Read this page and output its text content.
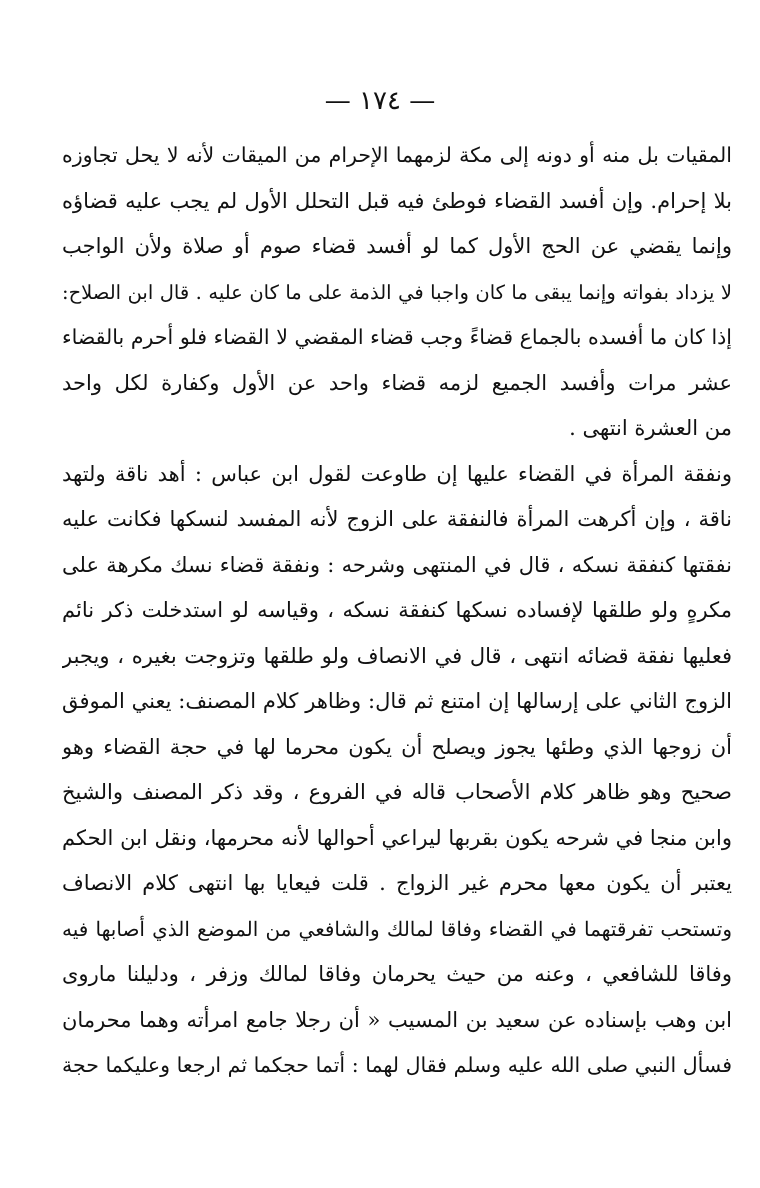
— ١٧٤ —
المقيات بل منه أو دونه إلى مكة لزمهما الإحرام من الميقات لأنه لا يحل تجاوزه
بلا إحرام. وإن أفسد القضاء فوطئ فيه قبل التحلل الأول لم يجب عليه قضاؤه
وإنما يقضي عن الحج الأول كما لو أفسد قضاء صوم أو صلاة ولأن الواجب
لا يزداد بفواته وإنما يبقى ما كان واجبا في الذمة على ما كان عليه . قال ابن الصلاح:
إذا كان ما أفسده بالجماع قضاءً وجب قضاء المقضي لا القضاء فلو أحرم بالقضاء
عشر مرات وأفسد الجميع لزمه قضاء واحد عن الأول وكفارة لكل واحد
من العشرة انتهى .
ونفقة المرأة في القضاء عليها إن طاوعت لقول ابن عباس : أهد ناقة ولتهد
ناقة ، وإن أكرهت المرأة فالنفقة على الزوج لأنه المفسد لنسكها فكانت عليه
نفقتها كنفقة نسكه ، قال في المنتهى وشرحه : ونفقة قضاء نسك مكرهة على
مكرهٍ ولو طلقها لإفساده نسكها كنفقة نسكه ، وقياسه لو استدخلت ذكر نائم
فعليها نفقة قضائه انتهى ، قال في الانصاف ولو طلقها وتزوجت بغيره ، ويجبر
الزوج الثاني على إرسالها إن امتنع ثم قال: وظاهر كلام المصنف: يعني الموفق
أن زوجها الذي وطئها يجوز ويصلح أن يكون محرما لها في حجة القضاء وهو
صحيح وهو ظاهر كلام الأصحاب قاله في الفروع ، وقد ذكر المصنف والشيخ
وابن منجا في شرحه يكون بقربها ليراعي أحوالها لأنه محرمها، ونقل ابن الحكم
يعتبر أن يكون معها محرم غير الزواج . قلت فيعايا بها انتهى كلام الانصاف
وتستحب تفرقتهما في القضاء وفاقا لمالك والشافعي من الموضع الذي أصابها فيه
وفاقا للشافعي ، وعنه من حيث يحرمان وفاقا لمالك وزفر ، ودليلنا ماروى
ابن وهب بإسناده عن سعيد بن المسيب « أن رجلا جامع امرأته وهما محرمان
فسأل النبي صلى الله عليه وسلم فقال لهما : أتما حجكما ثم ارجعا وعليكما حجة
